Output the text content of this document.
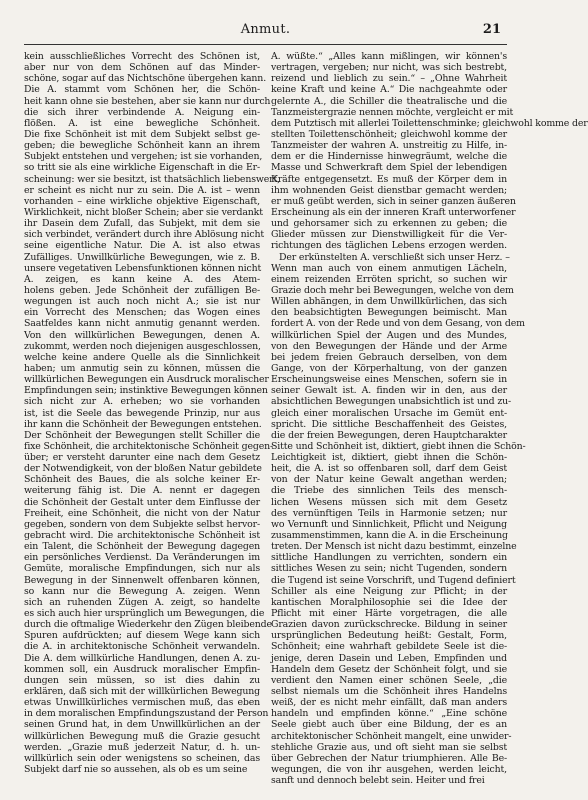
Anmut.	21
kein ausschließliches Vorrecht des Schönen ist,
aber nur von dem Schönen auf das Minder-
schöne, sogar auf das Nichtschöne übergehen kann.
Die A. stammt vom Schönen her, die Schön-
heit kann ohne sie bestehen, aber sie kann nur durch
die sich ihrer verbindende A. Neigung ein-
flößen. A. ist eine bewegliche Schönheit.
Die fixe Schönheit ist mit dem Subjekt selbst ge-
geben; die bewegliche Schönheit kann an ihrem
Subjekt entstehen und vergehen; ist sie vorhanden,
so tritt sie als eine wirkliche Eigenschaft in die Er-
scheinung: wer sie besitzt, ist thatsächlich liebenswert,
er scheint es nicht nur zu sein. Die A. ist – wenn
vorhanden – eine wirkliche objektive Eigenschaft,
Wirklichkeit, nicht bloßer Schein; aber sie verdankt
ihr Dasein dem Zufall, das Subjekt, mit dem sie
sich verbindet, verändert durch ihre Ablösung nicht
seine eigentliche Natur. Die A. ist also etwas
Zufälliges. Unwillkürliche Bewegungen, wie z. B.
unsere vegetativen Lebensfunktionen können nicht
A. zeigen, es kann keine A. des Atem-
holens geben. Jede Schönheit der zufälligen Be-
wegungen ist auch noch nicht A.; sie ist nur
ein Vorrecht des Menschen; das Wogen eines
Saatfeldes kann nicht anmutig genannt werden.
Von den willkürlichen Bewegungen, denen A.
zukommt, werden noch diejenigen ausgeschlossen,
welche keine andere Quelle als die Sinnlichkeit
haben; um anmutig sein zu können, müssen die
willkürlichen Bewegungen ein Ausdruck moralischer
Empfindungen sein; instinktive Bewegungen können
sich nicht zur A. erheben; wo sie vorhanden
ist, ist die Seele das bewegende Prinzip, nur aus
ihr kann die Schönheit der Bewegungen entstehen.
Der Schönheit der Bewegungen stellt Schiller die
fixe Schönheit, die architektonische Schönheit gegen-
über; er versteht darunter eine nach dem Gesetz
der Notwendigkeit, von der bloßen Natur gebildete
Schönheit des Baues, die als solche keiner Er-
weiterung fähig ist. Die A. nennt er dagegen
die Schönheit der Gestalt unter dem Einflusse der
Freiheit, eine Schönheit, die nicht von der Natur
gegeben, sondern von dem Subjekte selbst hervor-
gebracht wird. Die architektonische Schönheit ist
ein Talent, die Schönheit der Bewegung dagegen
ein persönliches Verdienst. Da Veränderungen im
Gemüte, moralische Empfindungen, sich nur als
Bewegung in der Sinnenwelt offenbaren können,
so kann nur die Bewegung A. zeigen. Wenn
sich an ruhenden Zügen A. zeigt, so handelte
es sich auch hier ursprünglich um Bewegungen, die
durch die oftmalige Wiederkehr den Zügen bleibende
Spuren aufdrückten; auf diesem Wege kann sich
die A. in architektonische Schönheit verwandeln.
Die A. dem willkürliche Handlungen, denen A. zu-
kommen soll, ein Ausdruck moralischer Empfin-
dungen sein müssen, so ist dies dahin zu
erklären, daß sich mit der willkürlichen Bewegung
etwas Unwillkürliches vermischen muß, das eben
in dem moralischen Empfindungszustand der Person
seinen Grund hat, in dem Unwillkürlichen an der
willkürlichen Bewegung muß die Grazie gesucht
werden. „Grazie muß jederzeit Natur, d. h. un-
willkürlich sein oder wenigstens so scheinen, das
Subjekt darf nie so aussehen, als ob es um seine
A. wüßte.“ „Alles kann mißlingen, wir können's
vertragen, vergeben; nur nicht, was sich bestrebt,
reizend und lieblich zu sein.“ – „Ohne Wahrheit
keine Kraft und keine A.“ Die nachgeahmte oder
gelernte A., die Schiller die theatralische und die
Tanzmeistergrazie nennen möchte, vergleicht er mit
dem Putztisch mit allerlei Toilettenschminke; gleichwohl komme der
stellten Toilettenschönheit; gleichwohl komme der
Tanzmeister der wahren A. unstreitig zu Hilfe, in-
dem er die Hindernisse hinwegräumt, welche die
Masse und Schwerkraft dem Spiel der lebendigen
Kräfte entgegensetzt. Es muß der Körper dem in
ihm wohnenden Geist dienstbar gemacht werden;
er muß geübt werden, sich in seiner ganzen äußeren
Erscheinung als ein der inneren Kraft unterworfener
und gehorsamer sich zu erkennen zu geben; die
Glieder müssen zur Dienstwilligkeit für die Ver-
richtungen des täglichen Lebens erzogen werden.
Der erkünstelten A. verschließt sich unser Herz. –
Wenn man auch von einem anmutigen Lächeln,
einem reizenden Erröten spricht, so suchen wir
Grazie doch mehr bei Bewegungen, welche von dem
Willen abhängen, in dem Unwillkürlichen, das sich
den beabsichtigten Bewegungen beimischt. Man
fordert A. von der Rede und von dem Gesang, von dem
willkürlichen Spiel der Augen und des Mundes,
von den Bewegungen der Hände und der Arme
bei jedem freien Gebrauch derselben, von dem
Gange, von der Körperhaltung, von der ganzen
Erscheinungsweise eines Menschen, sofern sie in
seiner Gewalt ist. A. finden wir in den, aus der
absichtlichen Bewegungen unabsichtlich ist und zu-
gleich einer moralischen Ursache im Gemüt ent-
spricht. Die sittliche Beschaffenheit des Geistes,
die der freien Bewegungen, deren Hauptcharakter
Sitte und Schönheit ist, diktiert, giebt ihnen die Schön-
Leichtigkeit ist, diktiert, giebt ihnen die Schön-
heit, die A. ist so offenbaren soll, darf dem Geist
von der Natur keine Gewalt angethan werden;
die Triebe des sinnlichen Teils des mensch-
lichen Wesens müssen sich mit dem Gesetz
des vernünftigen Teils in Harmonie setzen; nur
wo Vernunft und Sinnlichkeit, Pflicht und Neigung
zusammenstimmen, kann die A. in die Erscheinung
treten. Der Mensch ist nicht dazu bestimmt, einzelne
sittliche Handlungen zu verrichten, sondern ein
sittliches Wesen zu sein; nicht Tugenden, sondern
die Tugend ist seine Vorschrift, und Tugend definiert
Schiller als eine Neigung zur Pflicht; in der
kantischen Moralphilosophie sei die Idee der
Pflicht mit einer Härte vorgetragen, die alle
Grazien davon zurückschrecke. Bildung in seiner
ursprünglichen Bedeutung heißt: Gestalt, Form,
Schönheit; eine wahrhaft gebildete Seele ist die-
jenige, deren Dasein und Leben, Empfinden und
Handeln dem Gesetz der Schönheit folgt, und sie
verdient den Namen einer schönen Seele, „die
selbst niemals um die Schönheit ihres Handelns
weiß, der es nicht mehr einfällt, daß man anders
handeln und empfinden könne.“ „Eine schöne
Seele giebt auch über eine Bildung, der es an
architektonischer Schönheit mangelt, eine unwider-
stehliche Grazie aus, und oft sieht man sie selbst
über Gebrechen der Natur triumphieren. Alle Be-
wegungen, die von ihr ausgehen, werden leicht,
sanft und dennoch belebt sein. Heiter und frei
